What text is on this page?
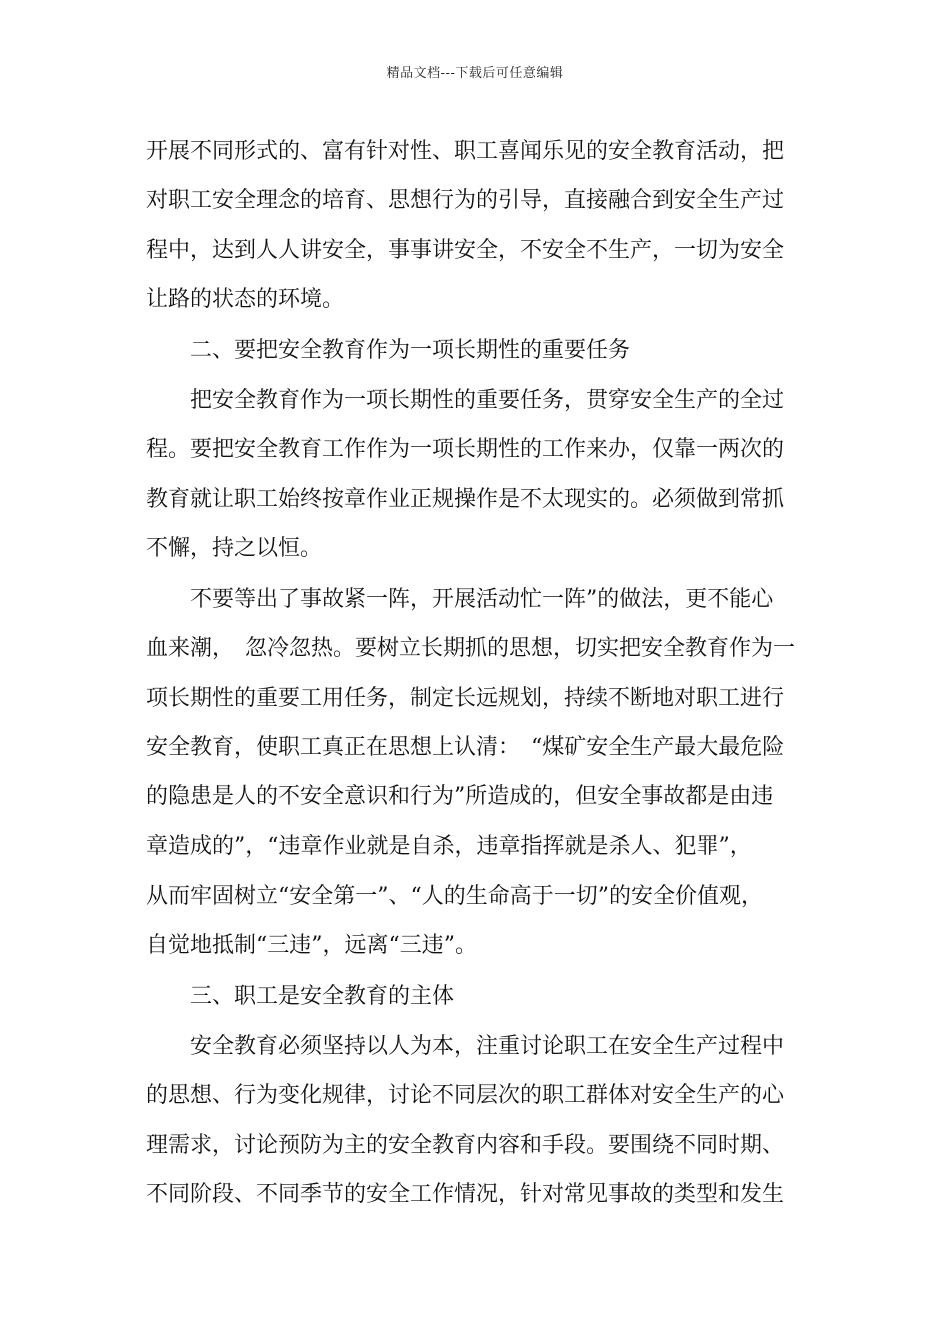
精品文档---下载后可任意编辑
开展不同形式的、富有针对性、职工喜闻乐见的安全教育活动，把
对职工安全理念的培育、思想行为的引导，直接融合到安全生产过
程中，达到人人讲安全，事事讲安全，不安全不生产，一切为安全
让路的状态的环境。
二、要把安全教育作为一项长期性的重要任务
把安全教育作为一项长期性的重要任务，贯穿安全生产的全过
程。要把安全教育工作作为一项长期性的工作来办，仅靠一两次的
教育就让职工始终按章作业正规操作是不太现实的。必须做到常抓
不懈，持之以恒。
不要等出了事故紧一阵，开展活动忙一阵”的做法，更不能心
血来潮，　忽冷忽热。要树立长期抓的思想，切实把安全教育作为一
项长期性的重要工用任务，制定长远规划，持续不断地对职工进行
安全教育，使职工真正在思想上认清：　“煤矿安全生产最大最危险
的隐患是人的不安全意识和行为”所造成的，但安全事故都是由违
章造成的”，“违章作业就是自杀，违章指挥就是杀人、犯罪”，
从而牢固树立“安全第一”、“人的生命高于一切”的安全价值观，
自觉地抵制“三违”，远离“三违”。
三、职工是安全教育的主体
安全教育必须坚持以人为本，注重讨论职工在安全生产过程中
的思想、行为变化规律，讨论不同层次的职工群体对安全生产的心
理需求，讨论预防为主的安全教育内容和手段。要围绕不同时期、
不同阶段、不同季节的安全工作情况，针对常见事故的类型和发生
